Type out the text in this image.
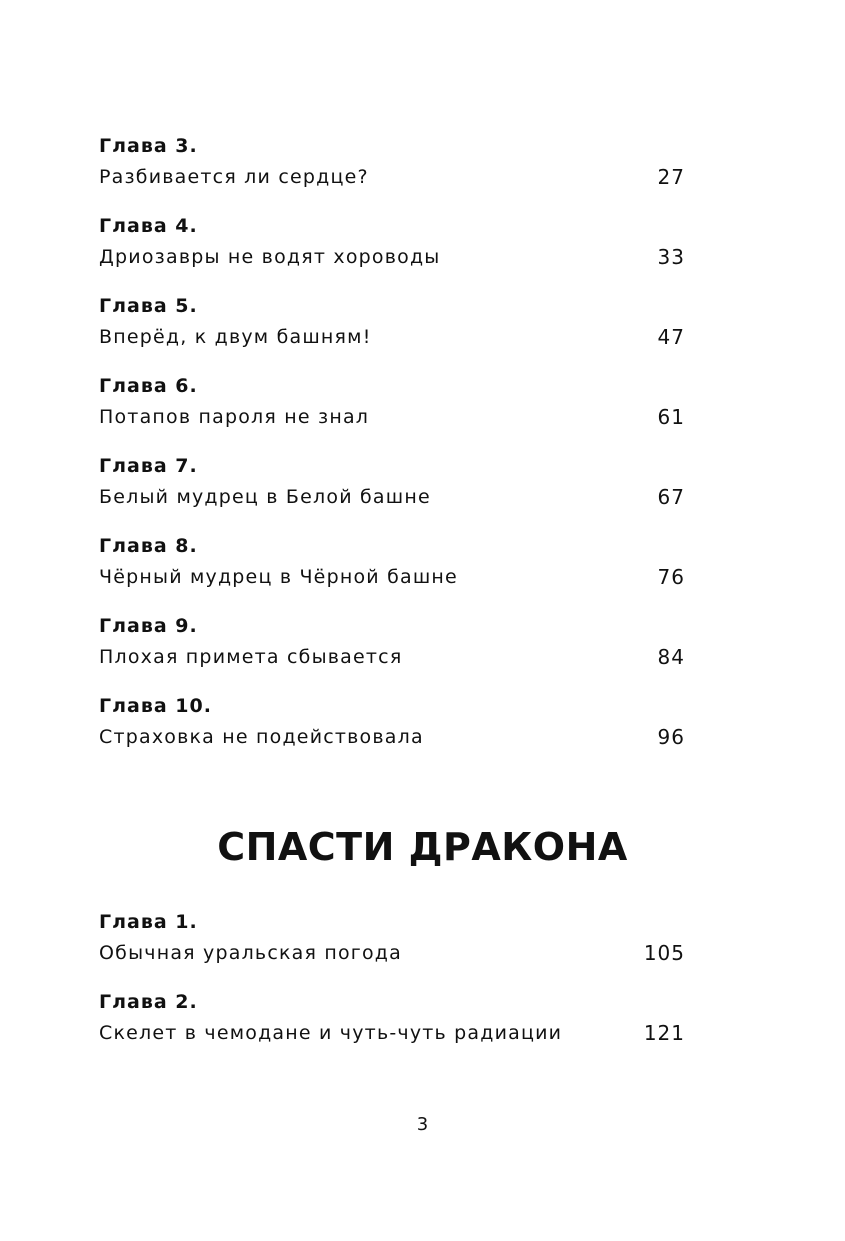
Глава 3.
Разбивается ли сердце?	27
Глава 4.
Дриозавры не водят хороводы	33
Глава 5.
Вперёд, к двум башням!	47
Глава 6.
Потапов пароля не знал	61
Глава 7.
Белый мудрец в Белой башне	67
Глава 8.
Чёрный мудрец в Чёрной башне	76
Глава 9.
Плохая примета сбывается	84
Глава 10.
Страховка не подействовала	96
СПАСТИ ДРАКОНА
Глава 1.
Обычная уральская погода	105
Глава 2.
Скелет в чемодане и чуть-чуть радиации	121
3
